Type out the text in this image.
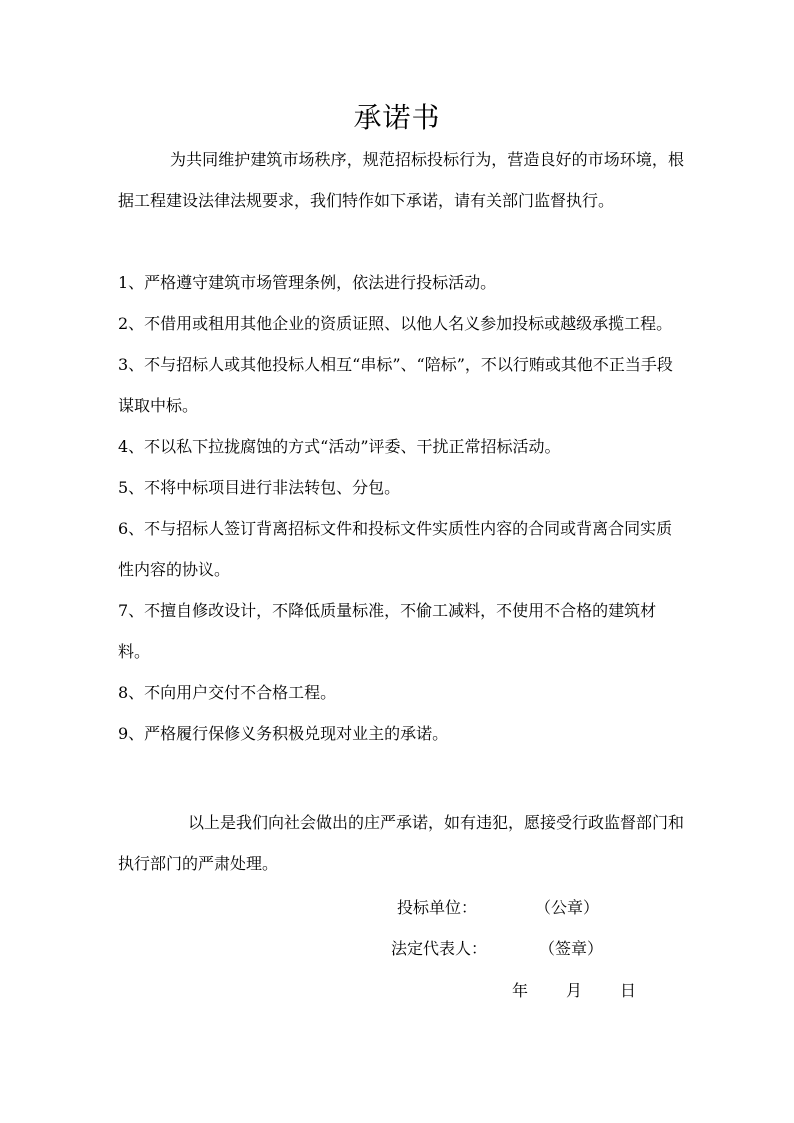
承诺书

为共同维护建筑市场秩序，规范招标投标行为，营造良好的市场环境，根据工程建设法律法规要求，我们特作如下承诺，请有关部门监督执行。

1、严格遵守建筑市场管理条例，依法进行投标活动。
2、不借用或租用其他企业的资质证照、以他人名义参加投标或越级承揽工程。
3、不与招标人或其他投标人相互“串标”、“陪标”，不以行贿或其他不正当手段谋取中标。
4、不以私下拉拢腐蚀的方式“活动”评委、干扰正常招标活动。
5、不将中标项目进行非法转包、分包。
6、不与招标人签订背离招标文件和投标文件实质性内容的合同或背离合同实质性内容的协议。
7、不擅自修改设计，不降低质量标准，不偷工减料，不使用不合格的建筑材料。
8、不向用户交付不合格工程。
9、严格履行保修义务积极兑现对业主的承诺。

以上是我们向社会做出的庄严承诺，如有违犯，愿接受行政监督部门和执行部门的严肃处理。

投标单位：	（公章）
法定代表人：	（签章）
年 月 日
